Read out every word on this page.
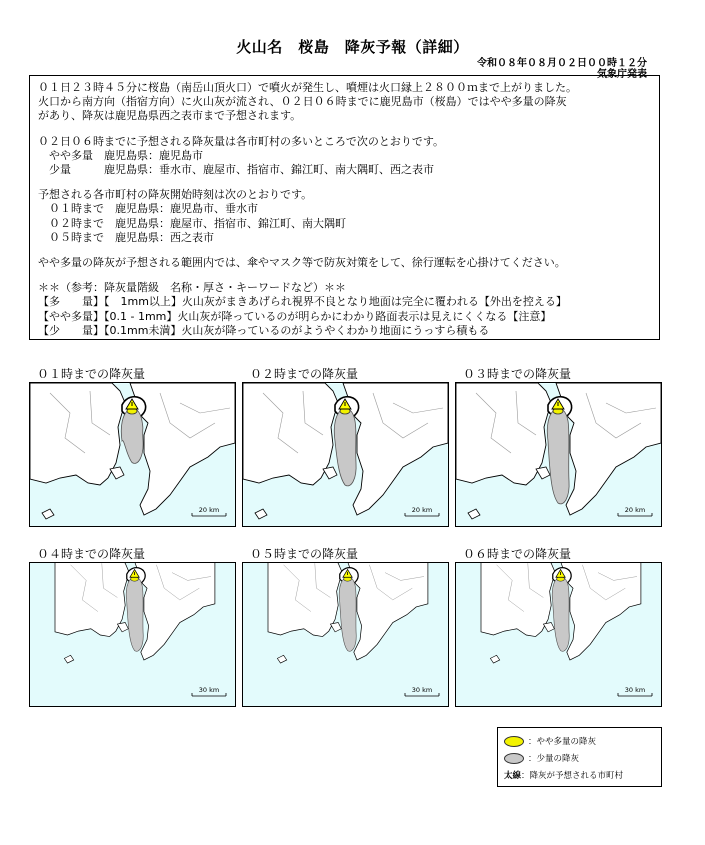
火山名　桜島　降灰予報（詳細）
令和０８年０８月０２日００時１２分
気象庁発表

０１日２３時４５分に桜島（南岳山頂火口）で噴火が発生し、噴煙は火口縁上２８００ｍまで上がりました。

火口から南方向（指宿方向）に火山灰が流され、０２日０６時までに鹿児島市（桜島）ではやや多量の降灰

があり、降灰は鹿児島県西之表市まで予想されます。

０２日０６時までに予想される降灰量は各市町村の多いところで次のとおりです。

　やや多量　鹿児島県：鹿児島市

　少量　　　鹿児島県：垂水市、鹿屋市、指宿市、錦江町、南大隅町、西之表市

予想される各市町村の降灰開始時刻は次のとおりです。

　０１時まで　鹿児島県：鹿児島市、垂水市

　０２時まで　鹿児島県：鹿屋市、指宿市、錦江町、南大隅町

　０５時まで　鹿児島県：西之表市

やや多量の降灰が予想される範囲内では、傘やマスク等で防灰対策をして、徐行運転を心掛けてください。

＊＊（参考：降灰量階級　名称・厚さ・キーワードなど）＊＊

【多　　量】【　1mm以上】火山灰がまきあげられ視界不良となり地面は完全に覆われる【外出を控える】

【やや多量】【0.1 - 1mm】火山灰が降っているのが明らかにわかり路面表示は見えにくくなる【注意】

【少　　量】【0.1mm未満】火山灰が降っているのがようやくわかり地面にうっすら積もる

０１時までの降灰量
20 km
０２時までの降灰量
20 km
０３時までの降灰量
20 km
０４時までの降灰量
30 km
０５時までの降灰量
30 km
０６時までの降灰量
30 km
：やや多量の降灰
：少量の降灰
太線 ：降灰が予想される市町村
